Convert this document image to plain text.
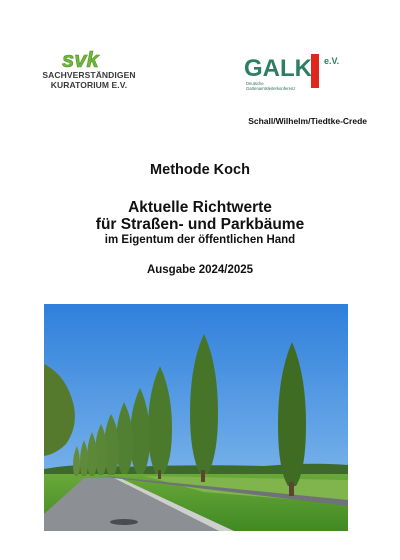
svk
SACHVERSTÄNDIGEN
KURATORIUM E.V.
GALK e.V.
Deutsche
Gartenamtsleiterkonferenz
Schall/Wilhelm/Tiedtke-Crede

Methode Koch

Aktuelle Richtwerte

für Straßen- und Parkbäume

im Eigentum der öffentlichen Hand

Ausgabe 2024/2025
